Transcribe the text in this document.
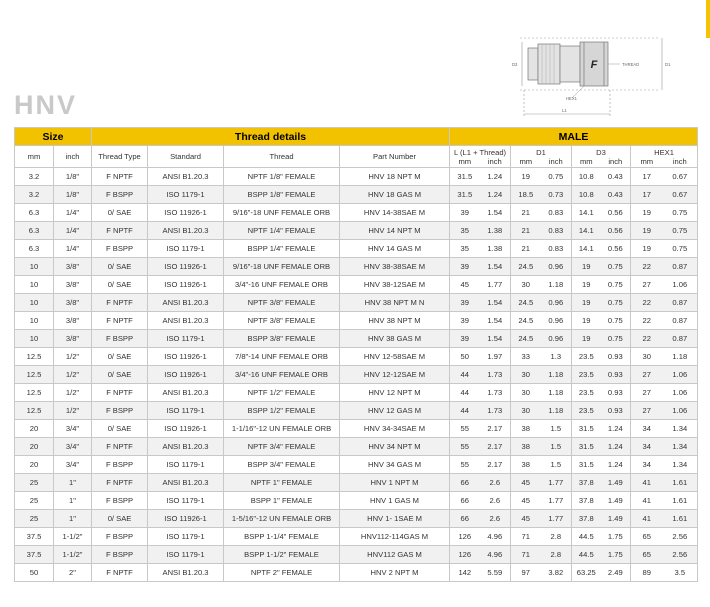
F
D3	THREAD	D1
HEX1
L1
HNV
Size		Thread details				MALE							
mm	inch	Thread Type	Standard	Thread	Part Number	L (L1 + Thread)		D1		D3		HEX1	
						mm	inch	mm	inch	mm	inch	mm	inch
3.2	1/8"	F NPTF	ANSI B1.20.3	NPTF 1/8" FEMALE	HNV 18 NPT M	31.5	1.24	19	0.75	10.8	0.43	17	0.67
3.2	1/8"	F BSPP	ISO 1179-1	BSPP 1/8" FEMALE	HNV 18 GAS M	31.5	1.24	18.5	0.73	10.8	0.43	17	0.67
6.3	1/4"	0/ SAE	ISO 11926-1	9/16"-18 UNF FEMALE ORB	HNV 14-38SAE M	39	1.54	21	0.83	14.1	0.56	19	0.75
6.3	1/4"	F NPTF	ANSI B1.20.3	NPTF 1/4" FEMALE	HNV 14 NPT M	35	1.38	21	0.83	14.1	0.56	19	0.75
6.3	1/4"	F BSPP	ISO 1179-1	BSPP 1/4" FEMALE	HNV 14 GAS M	35	1.38	21	0.83	14.1	0.56	19	0.75
10	3/8"	0/ SAE	ISO 11926-1	9/16"-18 UNF FEMALE ORB	HNV 38-38SAE M	39	1.54	24.5	0.96	19	0.75	22	0.87
10	3/8"	0/ SAE	ISO 11926-1	3/4"-16 UNF FEMALE ORB	HNV 38-12SAE M	45	1.77	30	1.18	19	0.75	27	1.06
10	3/8"	F NPTF	ANSI B1.20.3	NPTF 3/8" FEMALE	HNV 38 NPT M N	39	1.54	24.5	0.96	19	0.75	22	0.87
10	3/8"	F NPTF	ANSI B1.20.3	NPTF 3/8" FEMALE	HNV 38 NPT M	39	1.54	24.5	0.96	19	0.75	22	0.87
10	3/8"	F BSPP	ISO 1179-1	BSPP 3/8" FEMALE	HNV 38 GAS M	39	1.54	24.5	0.96	19	0.75	22	0.87
12.5	1/2"	0/ SAE	ISO 11926-1	7/8"-14 UNF FEMALE ORB	HNV 12-58SAE M	50	1.97	33	1.3	23.5	0.93	30	1.18
12.5	1/2"	0/ SAE	ISO 11926-1	3/4"-16 UNF FEMALE ORB	HNV 12-12SAE M	44	1.73	30	1.18	23.5	0.93	27	1.06
12.5	1/2"	F NPTF	ANSI B1.20.3	NPTF 1/2" FEMALE	HNV 12 NPT M	44	1.73	30	1.18	23.5	0.93	27	1.06
12.5	1/2"	F BSPP	ISO 1179-1	BSPP 1/2" FEMALE	HNV 12 GAS M	44	1.73	30	1.18	23.5	0.93	27	1.06
20	3/4"	0/ SAE	ISO 11926-1	1-1/16"-12 UN FEMALE ORB	HNV 34-34SAE M	55	2.17	38	1.5	31.5	1.24	34	1.34
20	3/4"	F NPTF	ANSI B1.20.3	NPTF 3/4" FEMALE	HNV 34 NPT M	55	2.17	38	1.5	31.5	1.24	34	1.34
20	3/4"	F BSPP	ISO 1179-1	BSPP 3/4" FEMALE	HNV 34 GAS M	55	2.17	38	1.5	31.5	1.24	34	1.34
25	1"	F NPTF	ANSI B1.20.3	NPTF 1" FEMALE	HNV 1 NPT M	66	2.6	45	1.77	37.8	1.49	41	1.61
25	1"	F BSPP	ISO 1179-1	BSPP 1" FEMALE	HNV 1 GAS M	66	2.6	45	1.77	37.8	1.49	41	1.61
25	1"	0/ SAE	ISO 11926-1	1-5/16"-12 UN FEMALE ORB	HNV 1- 1SAE M	66	2.6	45	1.77	37.8	1.49	41	1.61
37.5	1-1/2"	F BSPP	ISO 1179-1	BSPP 1-1/4" FEMALE	HNV112-114GAS M	126	4.96	71	2.8	44.5	1.75	65	2.56
37.5	1-1/2"	F BSPP	ISO 1179-1	BSPP 1-1/2" FEMALE	HNV112 GAS M	126	4.96	71	2.8	44.5	1.75	65	2.56
50	2"	F NPTF	ANSI B1.20.3	NPTF 2" FEMALE	HNV 2 NPT M	142	5.59	97	3.82	63.25	2.49	89	3.5
